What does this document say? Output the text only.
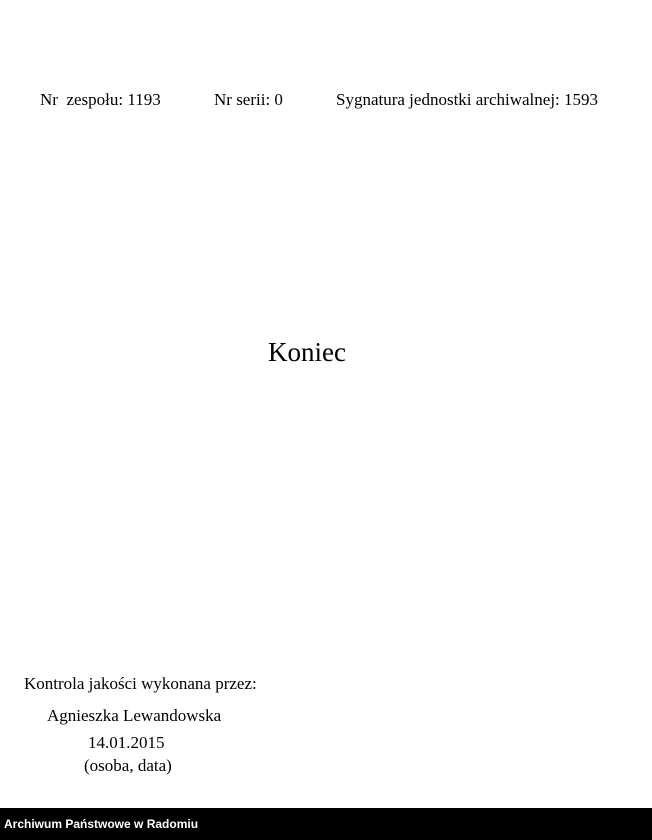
Nr  zespołu: 1193	Nr serii: 0	Sygnatura jednostki archiwalnej: 1593
Koniec
Kontrola jakości wykonana przez:
Agnieszka Lewandowska
14.01.2015
(osoba, data)
Archiwum Państwowe w Radomiu
